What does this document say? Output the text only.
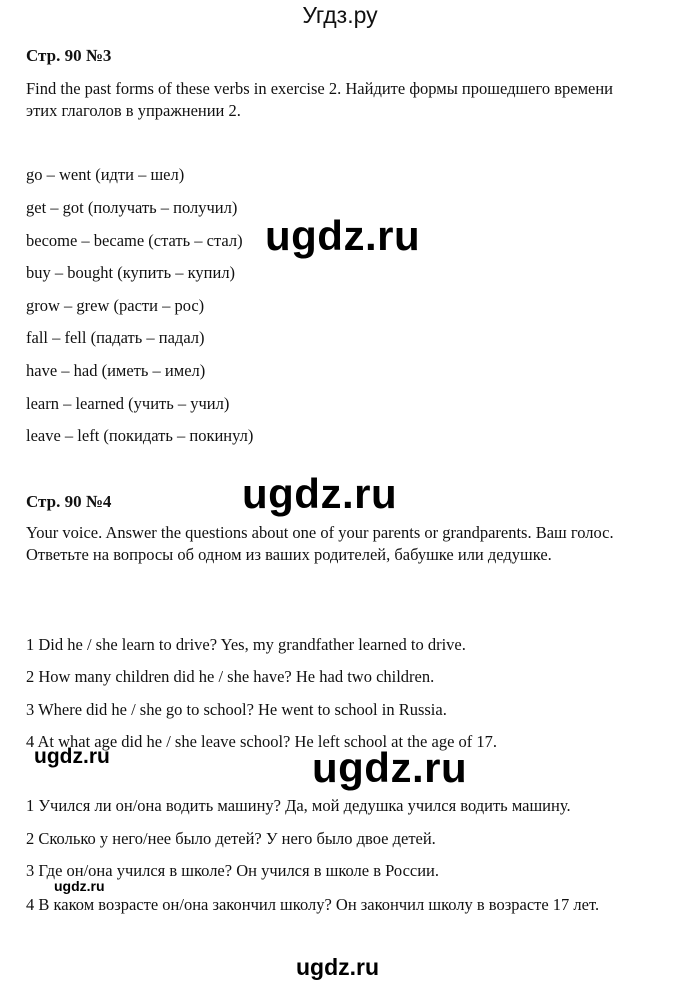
Угдз.ру
Стр. 90 №3
Find the past forms of these verbs in exercise 2. Найдите формы прошедшего времени этих глаголов в упражнении 2.
go – went (идти – шел)
get – got (получать – получил)
become – became (стать – стал)
buy – bought (купить – купил)
grow – grew (расти – рос)
fall – fell (падать – падал)
have – had (иметь – имел)
learn – learned (учить – учил)
leave – left (покидать – покинул)
Стр. 90 №4
Your voice. Answer the questions about one of your parents or grandparents. Ваш голос. Ответьте на вопросы об одном из ваших родителей, бабушке или дедушке.
1 Did he / she learn to drive? Yes, my grandfather learned to drive.
2 How many children did he / she have? He had two children.
3 Where did he / she go to school? He went to school in Russia.
4 At what age did he / she leave school? He left school at the age of 17.
1 Учился ли он/она водить машину? Да, мой дедушка учился водить машину.
2 Сколько у него/нее было детей? У него было двое детей.
3 Где он/она учился в школе? Он учился в школе в России.
4 В каком возрасте он/она закончил школу? Он закончил школу в возрасте 17 лет.
ugdz.ru
ugdz.ru
ugdz.ru	ugdz.ru
ugdz.ru
ugdz.ru
